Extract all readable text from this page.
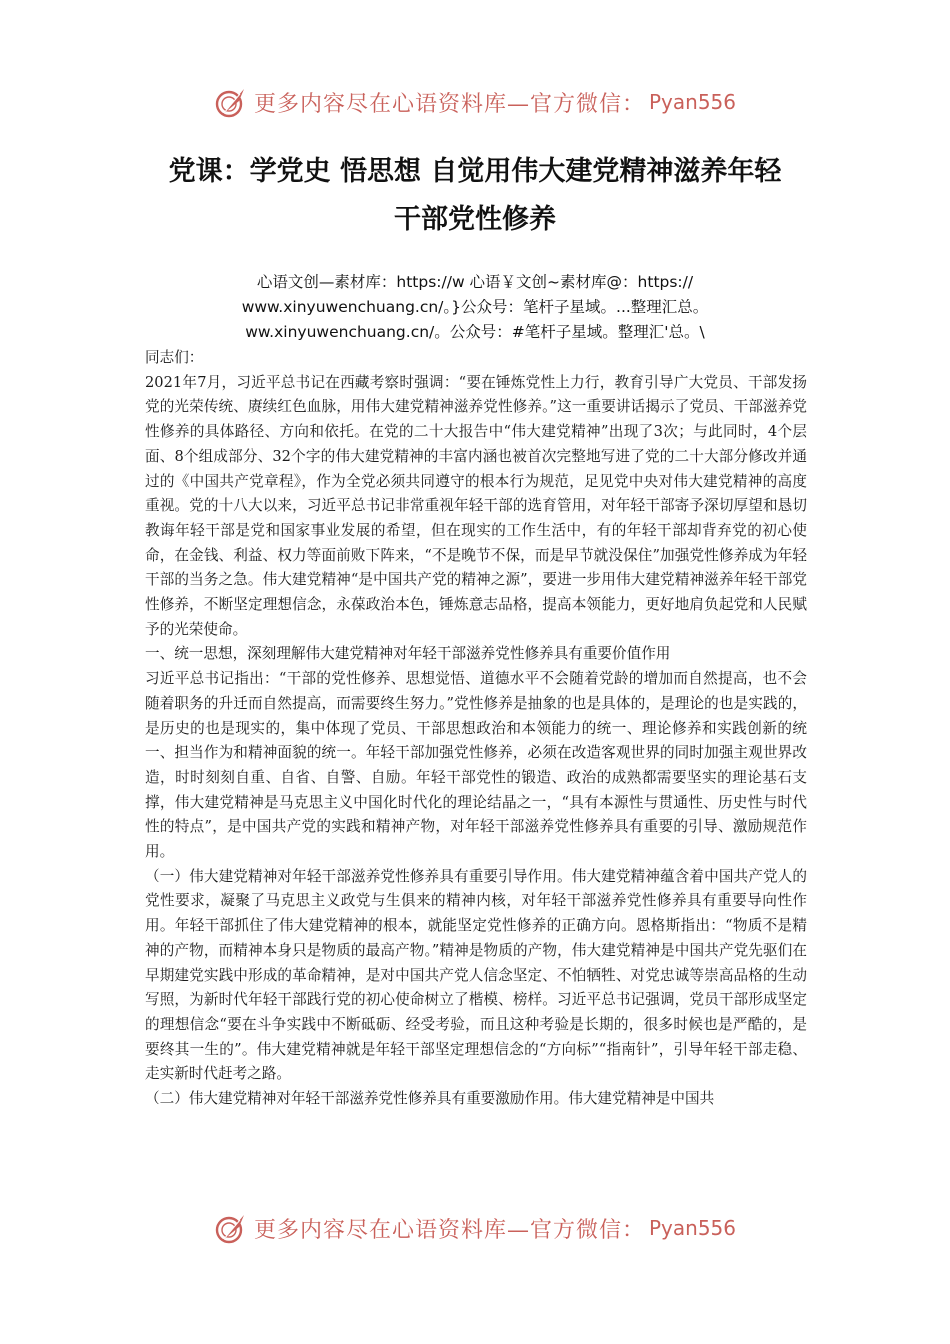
更多内容尽在心语资料库—官方微信： Pyan556
党课：学党史 悟思想 自觉用伟大建党精神滋养年轻
干部党性修养
心语文创—素材库：https://w 心语￥文创~素材库@：https://
www.xinyuwenchuang.cn/。}公众号：笔杆子星域。...整理汇总。
ww.xinyuwenchuang.cn/。公众号：#笔杆子星域。整理汇'总。\

同志们：

2021年7月，习近平总书记在西藏考察时强调：“要在锤炼党性上力行，教育引导广大党员、干部发扬党的光荣传统、赓续红色血脉，用伟大建党精神滋养党性修养。”这一重要讲话揭示了党员、干部滋养党性修养的具体路径、方向和依托。在党的二十大报告中“伟大建党精神”出现了3次；与此同时，4个层面、8个组成部分、32个字的伟大建党精神的丰富内涵也被首次完整地写进了党的二十大部分修改并通过的《中国共产党章程》，作为全党必须共同遵守的根本行为规范，足见党中央对伟大建党精神的高度重视。党的十八大以来，习近平总书记非常重视年轻干部的选育管用，对年轻干部寄予深切厚望和恳切教诲年轻干部是党和国家事业发展的希望，但在现实的工作生活中，有的年轻干部却背弃党的初心使命，在金钱、利益、权力等面前败下阵来，“不是晚节不保，而是早节就没保住”加强党性修养成为年轻干部的当务之急。伟大建党精神“是中国共产党的精神之源”，要进一步用伟大建党精神滋养年轻干部党性修养，不断坚定理想信念，永葆政治本色，锤炼意志品格，提高本领能力，更好地肩负起党和人民赋予的光荣使命。

一、统一思想，深刻理解伟大建党精神对年轻干部滋养党性修养具有重要价值作用

习近平总书记指出：“干部的党性修养、思想觉悟、道德水平不会随着党龄的增加而自然提高，也不会随着职务的升迁而自然提高，而需要终生努力。”党性修养是抽象的也是具体的，是理论的也是实践的，是历史的也是现实的，集中体现了党员、干部思想政治和本领能力的统一、理论修养和实践创新的统一、担当作为和精神面貌的统一。年轻干部加强党性修养，必须在改造客观世界的同时加强主观世界改造，时时刻刻自重、自省、自警、自励。年轻干部党性的锻造、政治的成熟都需要坚实的理论基石支撑，伟大建党精神是马克思主义中国化时代化的理论结晶之一，“具有本源性与贯通性、历史性与时代性的特点”，是中国共产党的实践和精神产物，对年轻干部滋养党性修养具有重要的引导、激励规范作用。

（一）伟大建党精神对年轻干部滋养党性修养具有重要引导作用。伟大建党精神蕴含着中国共产党人的党性要求，凝聚了马克思主义政党与生俱来的精神内核，对年轻干部滋养党性修养具有重要导向性作用。年轻干部抓住了伟大建党精神的根本，就能坚定党性修养的正确方向。恩格斯指出：“物质不是精神的产物，而精神本身只是物质的最高产物。”精神是物质的产物，伟大建党精神是中国共产党先驱们在早期建党实践中形成的革命精神，是对中国共产党人信念坚定、不怕牺牲、对党忠诚等崇高品格的生动写照，为新时代年轻干部践行党的初心使命树立了楷模、榜样。习近平总书记强调，党员干部形成坚定的理想信念“要在斗争实践中不断砥砺、经受考验，而且这种考验是长期的，很多时候也是严酷的，是要终其一生的”。伟大建党精神就是年轻干部坚定理想信念的“方向标”“指南针”，引导年轻干部走稳、走实新时代赶考之路。

（二）伟大建党精神对年轻干部滋养党性修养具有重要激励作用。伟大建党精神是中国共

更多内容尽在心语资料库—官方微信： Pyan556
